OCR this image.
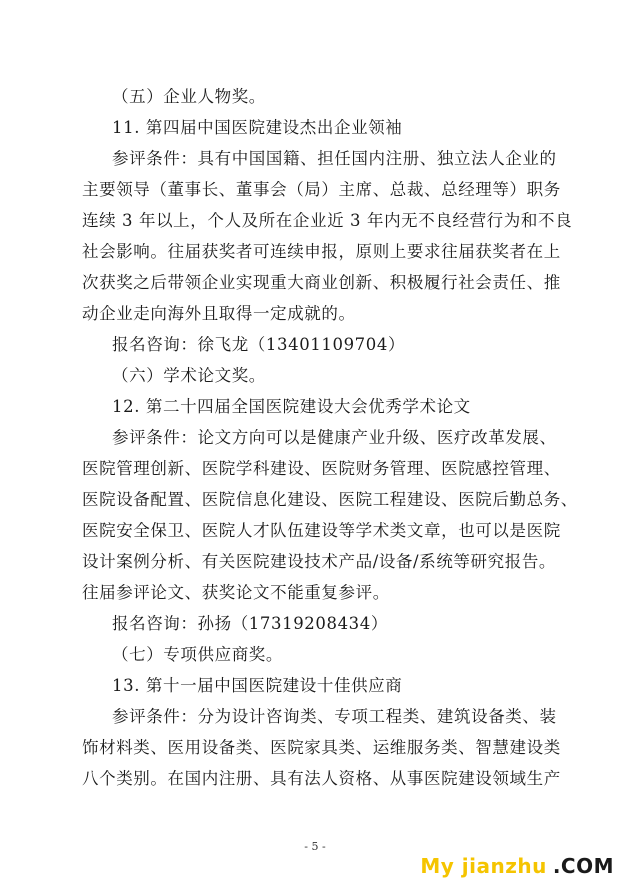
（五）企业人物奖。
11. 第四届中国医院建设杰出企业领袖
参评条件：具有中国国籍、担任国内注册、独立法人企业的
主要领导（董事长、董事会（局）主席、总裁、总经理等）职务
连续 3 年以上，个人及所在企业近 3 年内无不良经营行为和不良
社会影响。往届获奖者可连续申报，原则上要求往届获奖者在上
次获奖之后带领企业实现重大商业创新、积极履行社会责任、推
动企业走向海外且取得一定成就的。
报名咨询：徐飞龙（13401109704）
（六）学术论文奖。
12. 第二十四届全国医院建设大会优秀学术论文
参评条件：论文方向可以是健康产业升级、医疗改革发展、
医院管理创新、医院学科建设、医院财务管理、医院感控管理、
医院设备配置、医院信息化建设、医院工程建设、医院后勤总务、
医院安全保卫、医院人才队伍建设等学术类文章，也可以是医院
设计案例分析、有关医院建设技术产品/设备/系统等研究报告。
往届参评论文、获奖论文不能重复参评。
报名咨询：孙扬（17319208434）
（七）专项供应商奖。
13. 第十一届中国医院建设十佳供应商
参评条件：分为设计咨询类、专项工程类、建筑设备类、装
饰材料类、医用设备类、医院家具类、运维服务类、智慧建设类
八个类别。在国内注册、具有法人资格、从事医院建设领域生产
- 5 -
My jianzhu .COM
